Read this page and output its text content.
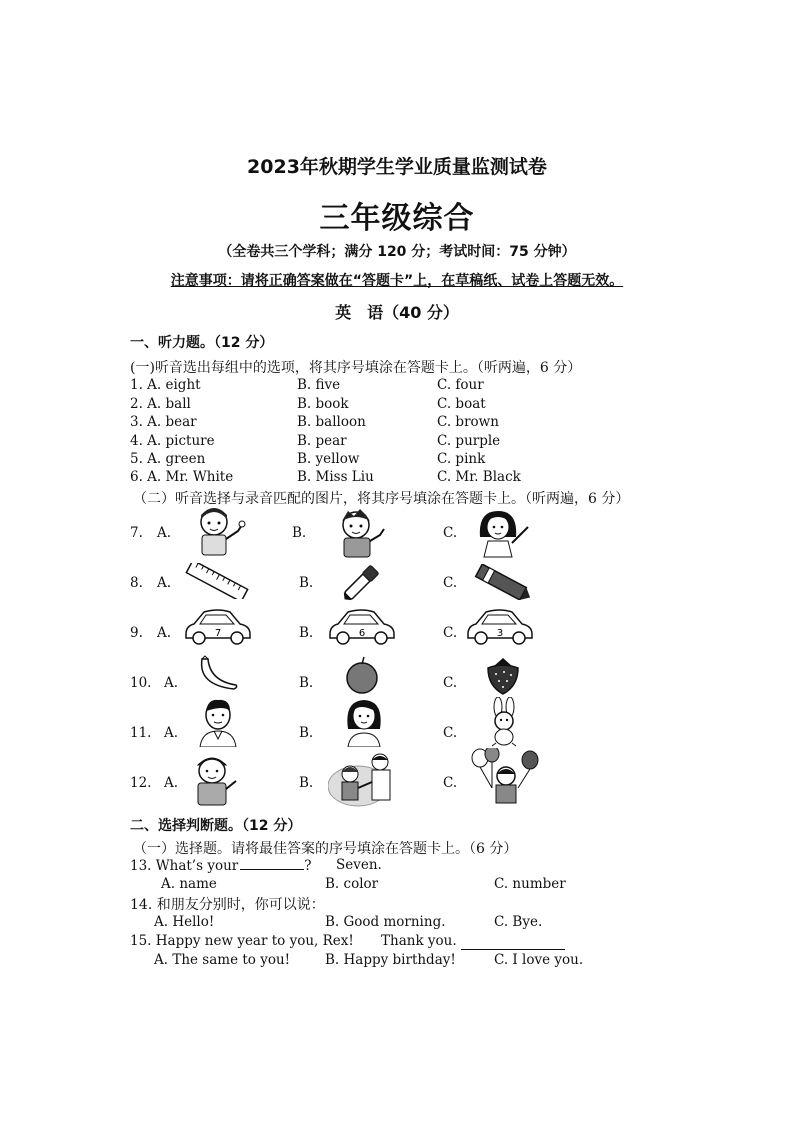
2023年秋期学生学业质量监测试卷
三年级综合
（全卷共三个学科；满分 120 分；考试时间：75 分钟）
注意事项：请将正确答案做在“答题卡”上，在草稿纸、试卷上答题无效。
英　语（40 分）
一、听力题。（12 分）
(一)听音选出每组中的选项，将其序号填涂在答题卡上。（听两遍，6 分）
1. A. eight	B. five	C. four
2. A. ball	B. book	C. boat
3. A. bear	B. balloon	C. brown
4. A. picture	B. pear	C. purple
5. A. green	B. yellow	C. pink
6. A. Mr. White	B. Miss Liu	C. Mr. Black
（二）听音选择与录音匹配的图片，将其序号填涂在答题卡上。（听两遍，6 分）
7. A.	B.	C.
8. A.	B.	C.
9. A.	B.	C.
10. A.	B.	C.
11. A.	B.	C.
12. A.	B.	C.
7	6	3
二、选择判断题。（12 分）
（一）选择题。请将最佳答案的序号填涂在答题卡上。（6 分）
13. What’s your	? Seven.
A. name	B. color	C. number
14. 和朋友分别时，你可以说：
A. Hello!	B. Good morning.	C. Bye.
15. Happy new year to you, Rex! Thank you.
A. The same to you!	B. Happy birthday!	C. I love you.
